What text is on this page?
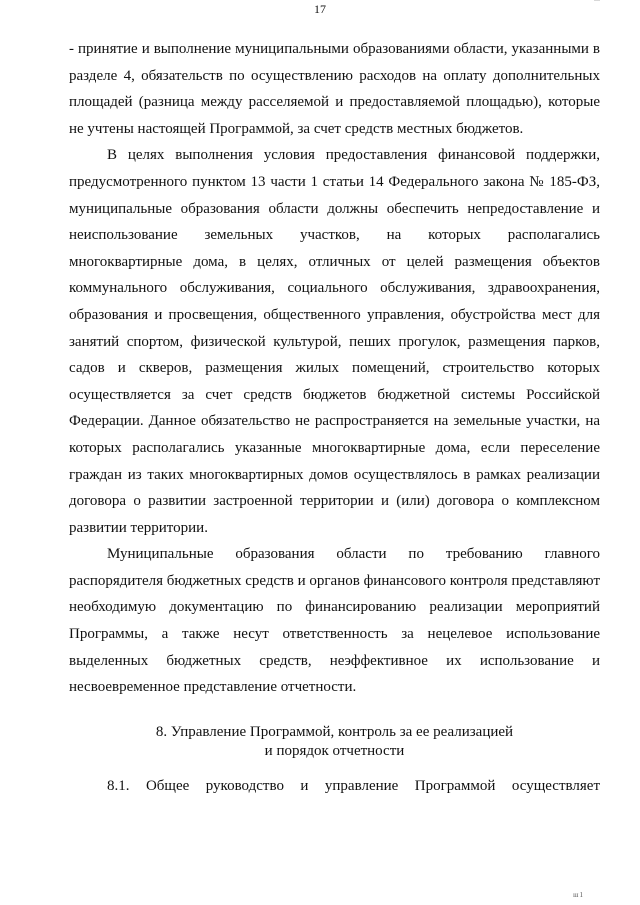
17

- принятие и выполнение муниципальными образованиями области, указанными в разделе 4, обязательств по осуществлению расходов на оплату дополнительных площадей (разница между расселяемой и предоставляемой площадью), которые не учтены настоящей Программой, за счет средств местных бюджетов.

В целях выполнения условия предоставления финансовой поддержки, предусмотренного пунктом 13 части 1 статьи 14 Федерального закона № 185-ФЗ, муниципальные образования области должны обеспечить непредоставление и неиспользование земельных участков, на которых располагались многоквартирные дома, в целях, отличных от целей размещения объектов коммунального обслуживания, социального обслуживания, здравоохранения, образования и просвещения, общественного управления, обустройства мест для занятий спортом, физической культурой, пеших прогулок, размещения парков, садов и скверов, размещения жилых помещений, строительство которых осуществляется за счет средств бюджетов бюджетной системы Российской Федерации. Данное обязательство не распространяется на земельные участки, на которых располагались указанные многоквартирные дома, если переселение граждан из таких многоквартирных домов осуществлялось в рамках реализации договора о развитии застроенной территории и (или) договора о комплексном развитии территории.

Муниципальные образования области по требованию главного распорядителя бюджетных средств и органов финансового контроля представляют необходимую документацию по финансированию реализации мероприятий Программы, а также несут ответственность за нецелевое использование выделенных бюджетных средств, неэффективное их использование и несвоевременное представление отчетности.

8. Управление Программой, контроль за ее реализацией
и порядок отчетности

8.1. Общее руководство и управление Программой осуществляет

ш1
